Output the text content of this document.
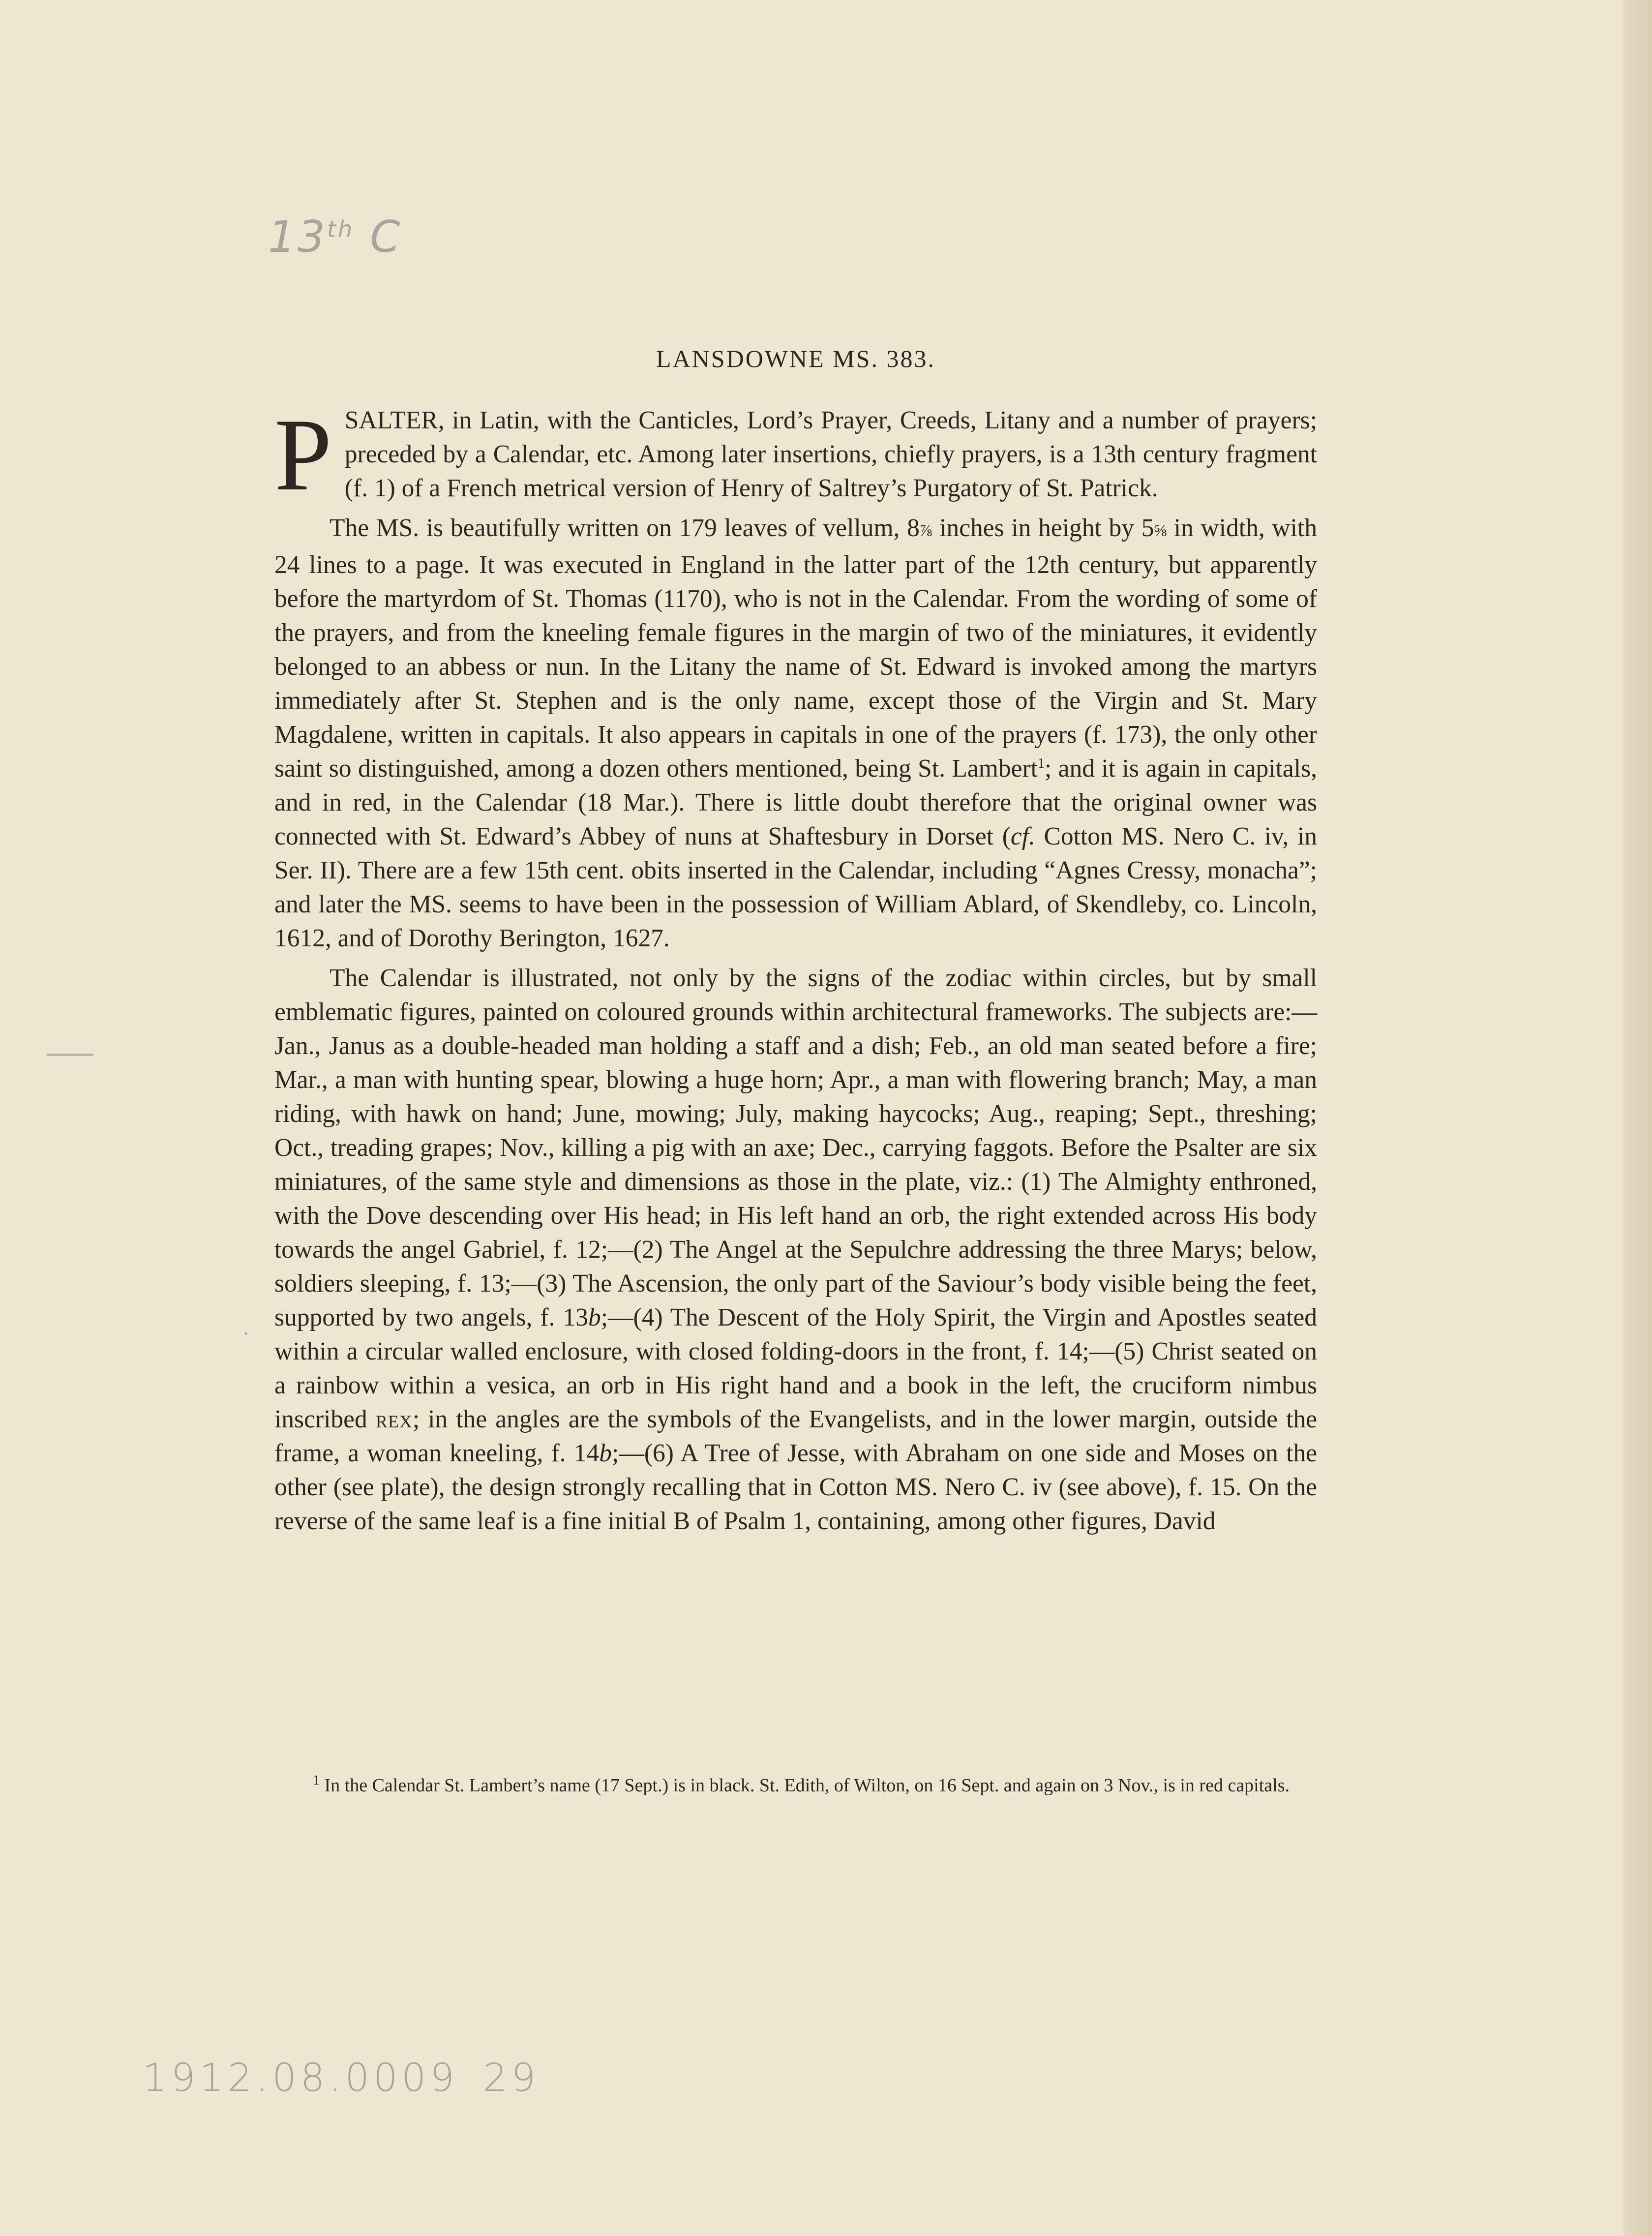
13th C
LANSDOWNE MS. 383.

PSALTER, in Latin, with the Canticles, Lord’s Prayer, Creeds, Litany and a number of prayers; preceded by a Calendar, etc. Among later insertions, chiefly prayers, is a 13th century fragment (f. 1) of a French metrical version of Henry of Saltrey’s Purgatory of St. Patrick.

The MS. is beautifully written on 179 leaves of vellum, 8⅞ inches in height by 5⅝ in width, with 24 lines to a page. It was executed in England in the latter part of the 12th century, but apparently before the martyrdom of St. Thomas (1170), who is not in the Calendar. From the wording of some of the prayers, and from the kneeling female figures in the margin of two of the miniatures, it evidently belonged to an abbess or nun. In the Litany the name of St. Edward is invoked among the martyrs immediately after St. Stephen and is the only name, except those of the Virgin and St. Mary Magdalene, written in capitals. It also appears in capitals in one of the prayers (f. 173), the only other saint so distinguished, among a dozen others mentioned, being St. Lambert$^1$; and it is again in capitals, and in red, in the Calendar (18 Mar.). There is little doubt therefore that the original owner was connected with St. Edward’s Abbey of nuns at Shaftesbury in Dorset (cf. Cotton MS. Nero C. iv, in Ser. II). There are a few 15th cent. obits inserted in the Calendar, including “Agnes Cressy, monacha”; and later the MS. seems to have been in the possession of William Ablard, of Skendleby, co. Lincoln, 1612, and of Dorothy Berington, 1627.

The Calendar is illustrated, not only by the signs of the zodiac within circles, but by small emblematic figures, painted on coloured grounds within architectural frameworks. The subjects are:—Jan., Janus as a double-headed man holding a staff and a dish; Feb., an old man seated before a fire; Mar., a man with hunting spear, blowing a huge horn; Apr., a man with flowering branch; May, a man riding, with hawk on hand; June, mowing; July, making haycocks; Aug., reaping; Sept., threshing; Oct., treading grapes; Nov., killing a pig with an axe; Dec., carrying faggots. Before the Psalter are six miniatures, of the same style and dimensions as those in the plate, viz.: (1) The Almighty enthroned, with the Dove descending over His head; in His left hand an orb, the right extended across His body towards the angel Gabriel, f. 12;—(2) The Angel at the Sepulchre addressing the three Marys; below, soldiers sleeping, f. 13;—(3) The Ascension, the only part of the Saviour’s body visible being the feet, supported by two angels, f. 13b;—(4) The Descent of the Holy Spirit, the Virgin and Apostles seated within a circular walled enclosure, with closed folding-doors in the front, f. 14;—(5) Christ seated on a rainbow within a vesica, an orb in His right hand and a book in the left, the cruciform nimbus inscribed rex; in the angles are the symbols of the Evangelists, and in the lower margin, outside the frame, a woman kneeling, f. 14b;—(6) A Tree of Jesse, with Abraham on one side and Moses on the other (see plate), the design strongly recalling that in Cotton MS. Nero C. iv (see above), f. 15. On the reverse of the same leaf is a fine initial B of Psalm 1, containing, among other figures, David

$^1$ In the Calendar St. Lambert’s name (17 Sept.) is in black. St. Edith, of Wilton, on 16 Sept. and again on 3 Nov., is in red capitals.
1912.08.0009 29
